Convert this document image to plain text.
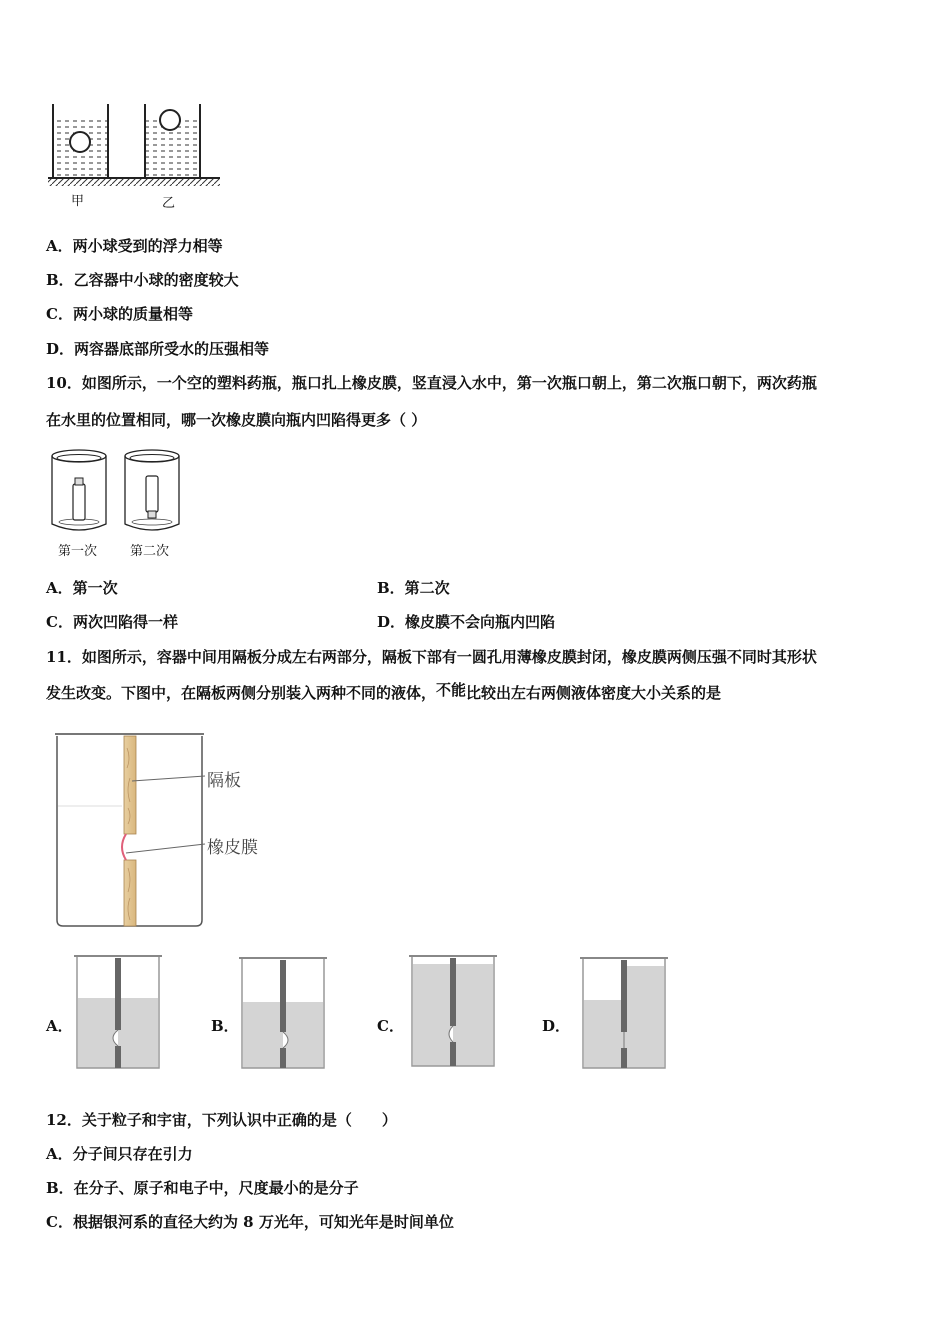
甲	乙
A．两小球受到的浮力相等
B．乙容器中小球的密度较大
C．两小球的质量相等
D．两容器底部所受水的压强相等
10．如图所示，一个空的塑料药瓶，瓶口扎上橡皮膜，竖直浸入水中，第一次瓶口朝上，第二次瓶口朝下，两次药瓶
在水里的位置相同，哪一次橡皮膜向瓶内凹陷得更多（ ）
第一次	第二次
A．第一次	B．第二次
C．两次凹陷得一样	D．橡皮膜不会向瓶内凹陷
11．如图所示，容器中间用隔板分成左右两部分，隔板下部有一圆孔用薄橡皮膜封闭，橡皮膜两侧压强不同时其形状
发生改变。下图中，在隔板两侧分别装入两种不同的液体，不能比较出左右两侧液体密度大小关系的是
隔板
橡皮膜
A．	B．	C．	D．
12．关于粒子和宇宙，下列认识中正确的是（　　）
A．分子间只存在引力
B．在分子、原子和电子中，尺度最小的是分子
C．根据银河系的直径大约为 8 万光年，可知光年是时间单位
